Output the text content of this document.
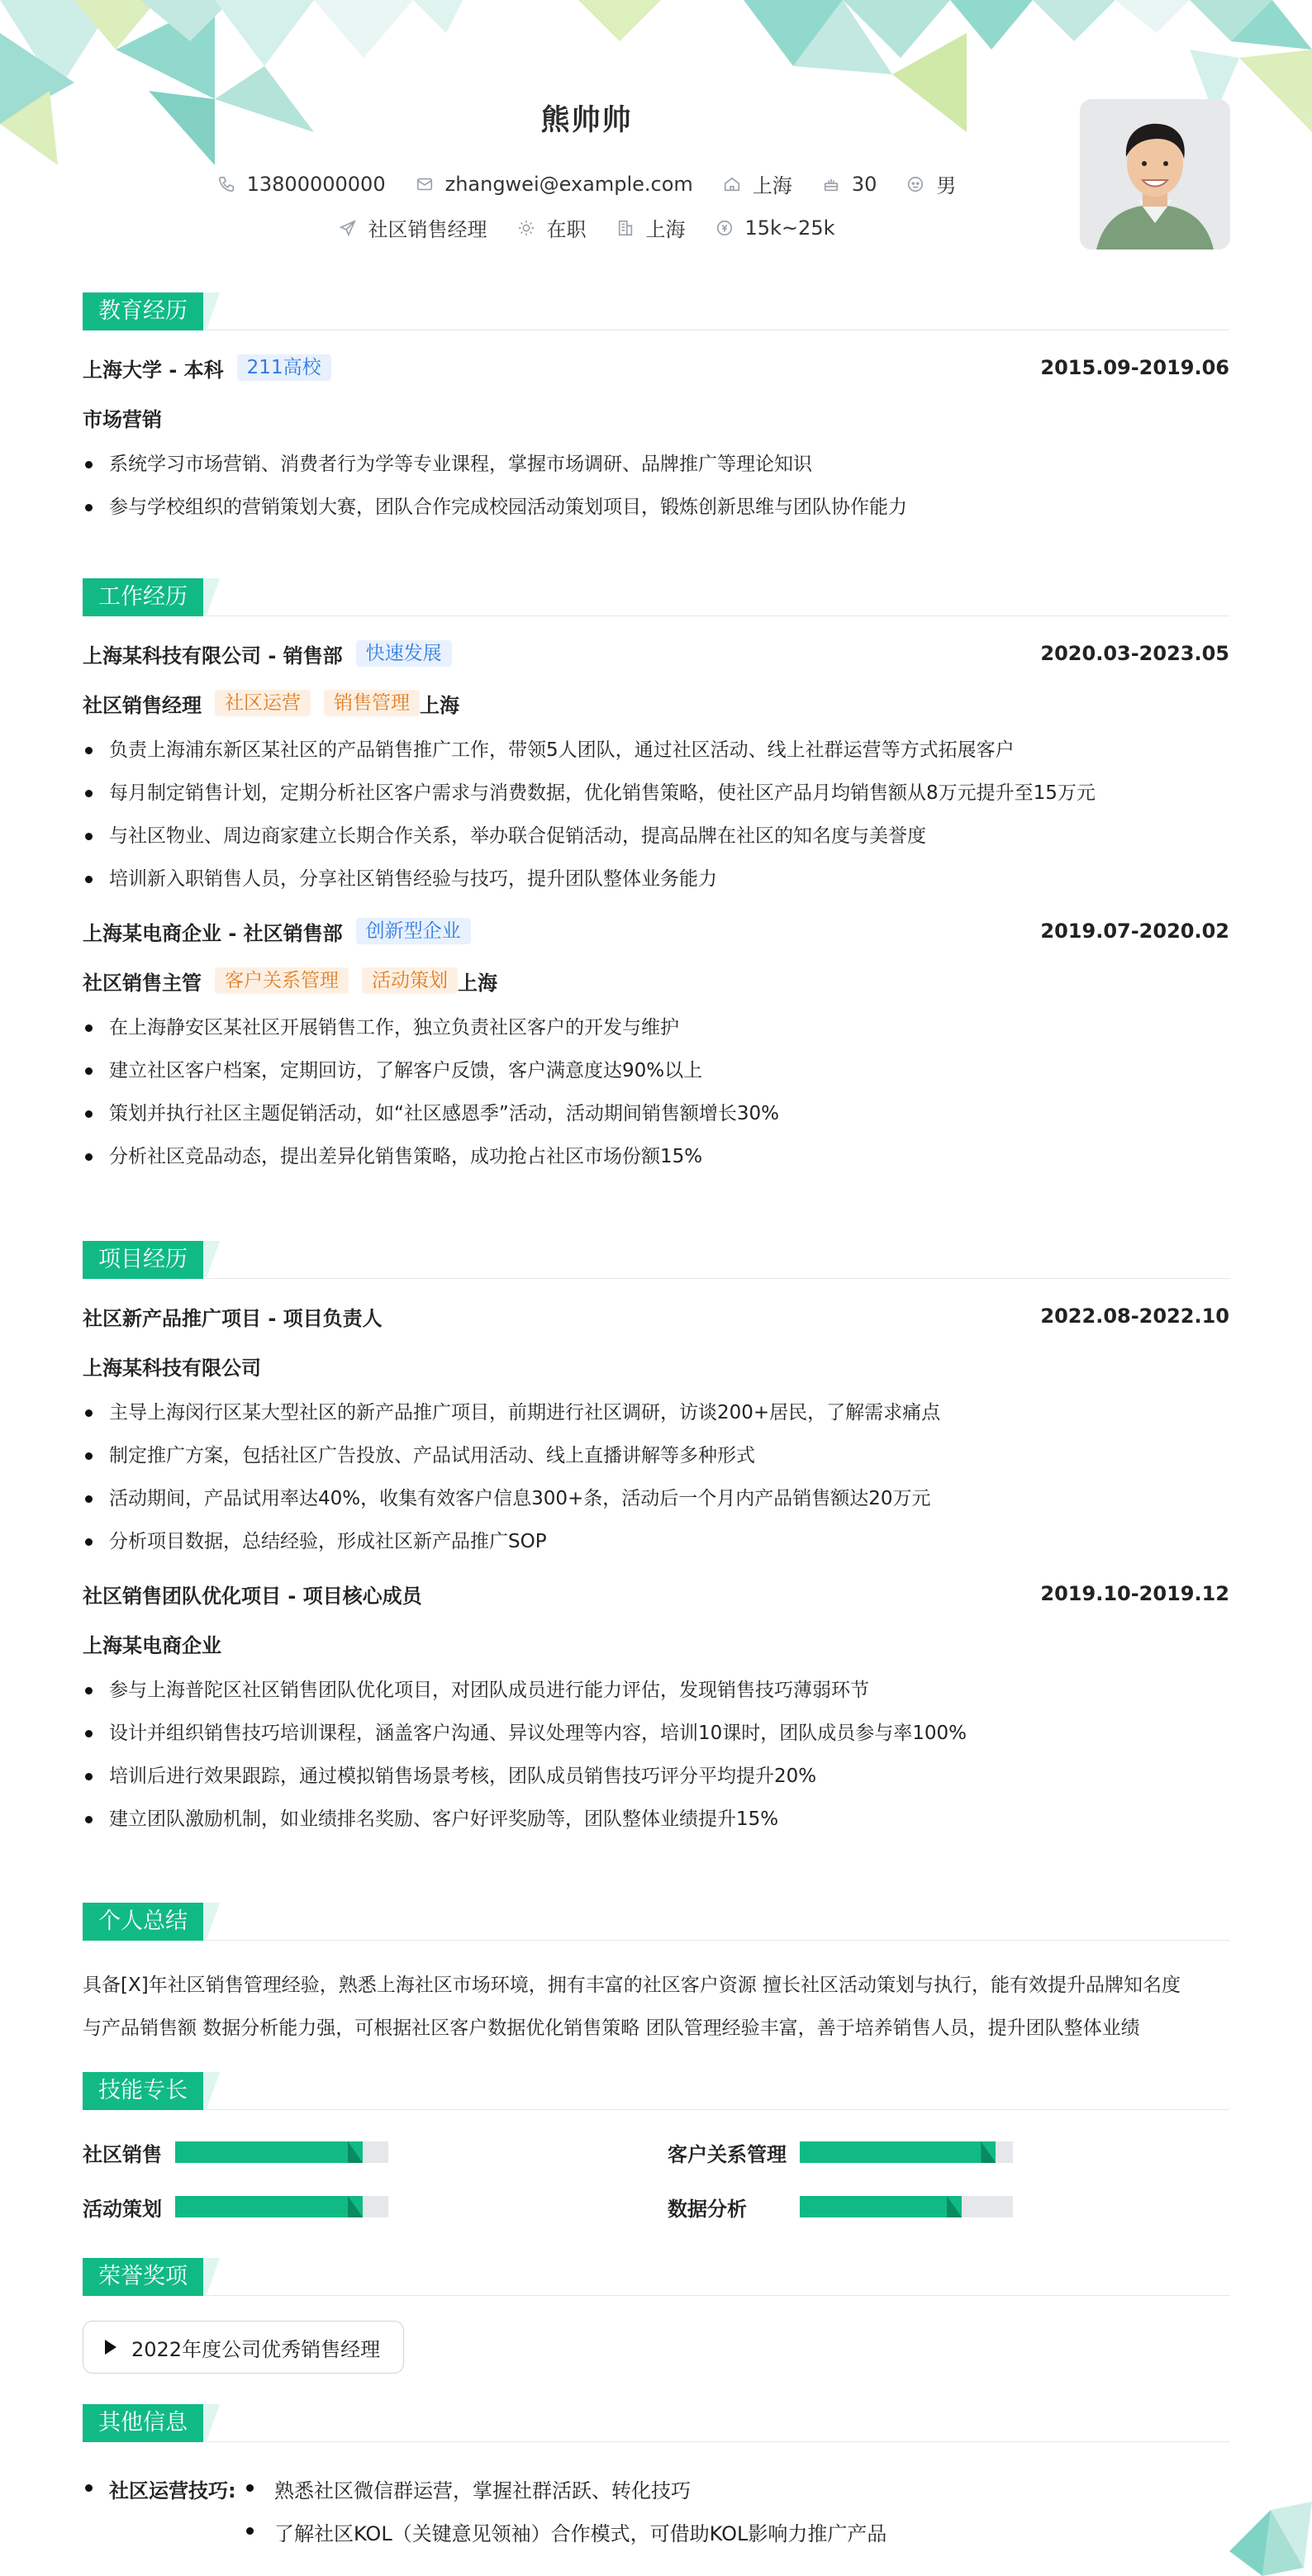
熊帅帅
13800000000	zhangwei@example.com	上海	30	男
社区销售经理	在职	上海	15k~25k
教育经历
上海大学 - 本科	211高校	2015.09-2019.06
市场营销
系统学习市场营销、消费者行为学等专业课程，掌握市场调研、品牌推广等理论知识
参与学校组织的营销策划大赛，团队合作完成校园活动策划项目，锻炼创新思维与团队协作能力
工作经历
上海某科技有限公司 - 销售部	快速发展	2020.03-2023.05
社区销售经理	社区运营	销售管理 上海
负责上海浦东新区某社区的产品销售推广工作，带领5人团队，通过社区活动、线上社群运营等方式拓展客户
每月制定销售计划，定期分析社区客户需求与消费数据，优化销售策略，使社区产品月均销售额从8万元提升至15万元
与社区物业、周边商家建立长期合作关系，举办联合促销活动，提高品牌在社区的知名度与美誉度
培训新入职销售人员，分享社区销售经验与技巧，提升团队整体业务能力
上海某电商企业 - 社区销售部	创新型企业	2019.07-2020.02
社区销售主管	客户关系管理	活动策划 上海
在上海静安区某社区开展销售工作，独立负责社区客户的开发与维护
建立社区客户档案，定期回访，了解客户反馈，客户满意度达90%以上
策划并执行社区主题促销活动，如“社区感恩季”活动，活动期间销售额增长30%
分析社区竞品动态，提出差异化销售策略，成功抢占社区市场份额15%
项目经历
社区新产品推广项目 - 项目负责人	2022.08-2022.10
上海某科技有限公司
主导上海闵行区某大型社区的新产品推广项目，前期进行社区调研，访谈200+居民，了解需求痛点
制定推广方案，包括社区广告投放、产品试用活动、线上直播讲解等多种形式
活动期间，产品试用率达40%，收集有效客户信息300+条，活动后一个月内产品销售额达20万元
分析项目数据，总结经验，形成社区新产品推广SOP
社区销售团队优化项目 - 项目核心成员	2019.10-2019.12
上海某电商企业
参与上海普陀区社区销售团队优化项目，对团队成员进行能力评估，发现销售技巧薄弱环节
设计并组织销售技巧培训课程，涵盖客户沟通、异议处理等内容，培训10课时，团队成员参与率100%
培训后进行效果跟踪，通过模拟销售场景考核，团队成员销售技巧评分平均提升20%
建立团队激励机制，如业绩排名奖励、客户好评奖励等，团队整体业绩提升15%
个人总结
具备[X]年社区销售管理经验，熟悉上海社区市场环境，拥有丰富的社区客户资源 擅长社区活动策划与执行，能有效提升品牌知名度
与产品销售额 数据分析能力强，可根据社区客户数据优化销售策略 团队管理经验丰富，善于培养销售人员，提升团队整体业绩
技能专长
社区销售	客户关系管理
活动策划	数据分析
荣誉奖项
2022年度公司优秀销售经理
其他信息
社区运营技巧: 熟悉社区微信群运营，掌握社群活跃、转化技巧
了解社区KOL（关键意见领袖）合作模式，可借助KOL影响力推广产品
